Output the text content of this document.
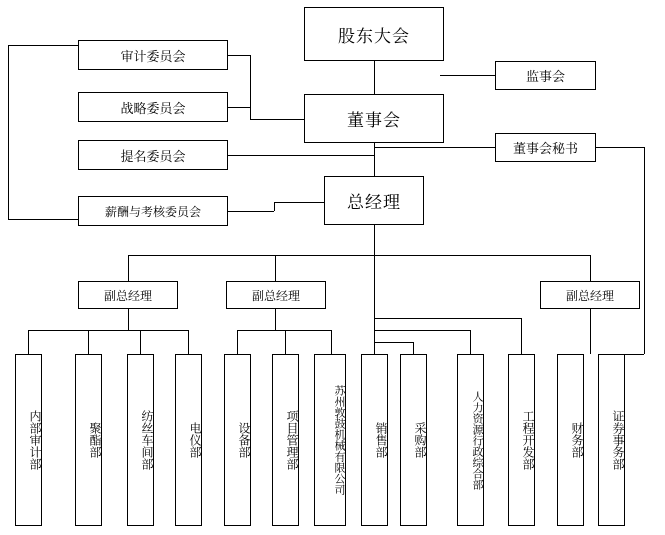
股东大会
董事会
监事会
董事会秘书
总经理
审计委员会
战略委员会
提名委员会
薪酬与考核委员会
副总经理	副总经理	副总经理
内部审计部	聚酯部	纺丝车间部	电仪部	设备部	项目管理部	苏州敦鼓机械有限公司 销售部 采购部	人力资源行政综合部	工程开发部	财务部 证券事务部
